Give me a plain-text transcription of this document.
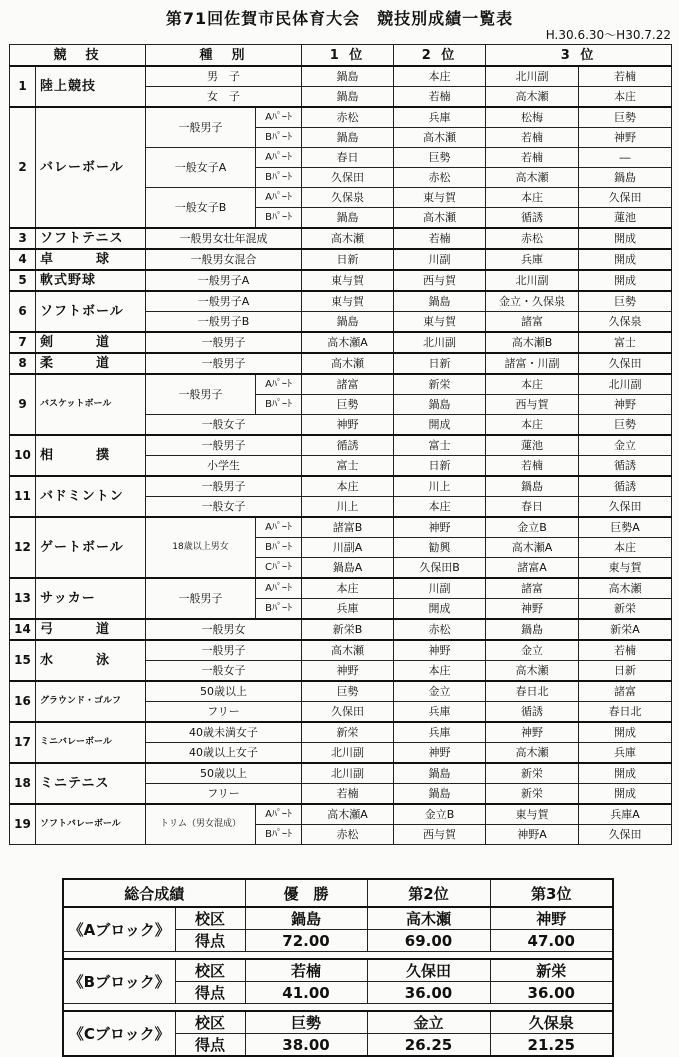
第71回佐賀市民体育大会　競技別成績一覧表
H.30.6.30～H30.7.22
競　技		種　別		1 位	2 位	3 位	
1	陸上競技	男　子		鍋島	本庄	北川副	若楠
		女　子		鍋島	若楠	高木瀬	本庄
2	バレーボール	一般男子	Aﾊﾟｰﾄ	赤松	兵庫	松梅	巨勢
			Bﾊﾟｰﾄ	鍋島	高木瀬	若楠	神野
		一般女子A	Aﾊﾟｰﾄ	春日	巨勢	若楠	―
			Bﾊﾟｰﾄ	久保田	赤松	高木瀬	鍋島
		一般女子B	Aﾊﾟｰﾄ	久保泉	東与賀	本庄	久保田
			Bﾊﾟｰﾄ	鍋島	高木瀬	循誘	蓮池
3	ソフトテニス	一般男女壮年混成		高木瀬	若楠	赤松	開成
4	卓　　　球	一般男女混合		日新	川副	兵庫	開成
5	軟式野球	一般男子A		東与賀	西与賀	北川副	開成
6	ソフトボール	一般男子A		東与賀	鍋島	金立・久保泉	巨勢
		一般男子B		鍋島	東与賀	諸富	久保泉
7	剣　　　道	一般男子		高木瀬A	北川副	高木瀬B	富士
8	柔　　　道	一般男子		高木瀬	日新	諸富・川副	久保田
9	バスケットボール	一般男子	Aﾊﾟｰﾄ	諸富	新栄	本庄	北川副
			Bﾊﾟｰﾄ	巨勢	鍋島	西与賀	神野
		一般女子		神野	開成	本庄	巨勢
10	相　　　撲	一般男子		循誘	富士	蓮池	金立
		小学生		富士	日新	若楠	循誘
11	バドミントン	一般男子		本庄	川上	鍋島	循誘
		一般女子		川上	本庄	春日	久保田
12	ゲートボール	18歳以上男女	Aﾊﾟｰﾄ	諸富B	神野	金立B	巨勢A
			Bﾊﾟｰﾄ	川副A	勧興	高木瀬A	本庄
			Cﾊﾟｰﾄ	鍋島A	久保田B	諸富A	東与賀
13	サッカー	一般男子	Aﾊﾟｰﾄ	本庄	川副	諸富	高木瀬
			Bﾊﾟｰﾄ	兵庫	開成	神野	新栄
14	弓　　　道	一般男女		新栄B	赤松	鍋島	新栄A
15	水　　　泳	一般男子		高木瀬	神野	金立	若楠
		一般女子		神野	本庄	高木瀬	日新
16	グラウンド・ゴルフ	50歳以上		巨勢	金立	春日北	諸富
		フリー		久保田	兵庫	循誘	春日北
17	ミニバレーボール	40歳未満女子		新栄	兵庫	神野	開成
		40歳以上女子		北川副	神野	高木瀬	兵庫
18	ミニテニス	50歳以上		北川副	鍋島	新栄	開成
		フリー		若楠	鍋島	新栄	開成
19	ソフトバレーボール	トリム（男女混成）	Aﾊﾟｰﾄ	高木瀬A	金立B	東与賀	兵庫A
			Bﾊﾟｰﾄ	赤松	西与賀	神野A	久保田
総合成績		優　勝	第2位	第3位
《Aブロック》	校区	鍋島	高木瀬	神野
	得点	72.00	69.00	47.00

《Bブロック》	校区	若楠	久保田	新栄
	得点	41.00	36.00	36.00

《Cブロック》	校区	巨勢	金立	久保泉
	得点	38.00	26.25	21.25
